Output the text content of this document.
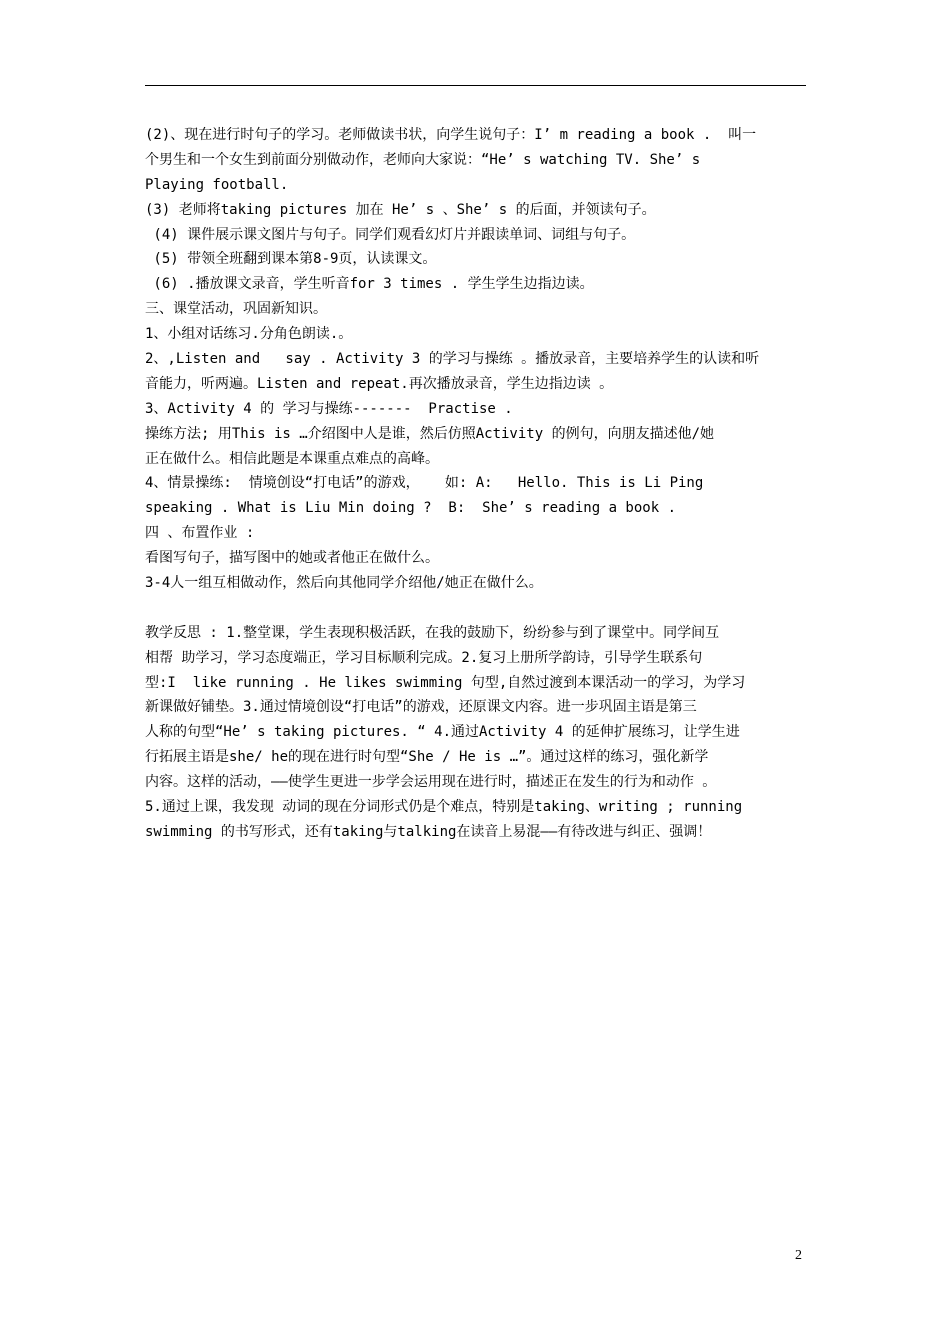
(2)、现在进行时句子的学习。老师做读书状，向学生说句子：I’ m reading a book .  叫一
个男生和一个女生到前面分别做动作，老师向大家说：“He’ s watching TV. She’ s
Playing football.
(3) 老师将taking pictures 加在 He’ s 、She’ s 的后面，并领读句子。
(4) 课件展示课文图片与句子。同学们观看幻灯片并跟读单词、词组与句子。
(5) 带领全班翻到课本第8-9页，认读课文。
(6) .播放课文录音，学生听音for 3 times . 学生学生边指边读。
三、课堂活动，巩固新知识。
1、小组对话练习.分角色朗读.。
2、,Listen and   say . Activity 3 的学习与操练 。播放录音，主要培养学生的认读和听
音能力，听两遍。Listen and repeat.再次播放录音，学生边指边读 。
3、Activity 4 的 学习与操练-------  Practise .
操练方法; 用This is …介绍图中人是谁，然后仿照Activity 的例句，向朋友描述他/她
正在做什么。相信此题是本课重点难点的高峰。
4、情景操练:  情境创设“打电话”的游戏，   如: A:   Hello. This is Li Ping
speaking . What is Liu Min doing ?  B:  She’ s reading a book .
四 、布置作业 :
看图写句子，描写图中的她或者他正在做什么。
3-4人一组互相做动作，然后向其他同学介绍他/她正在做什么。
教学反思 : 1.整堂课，学生表现积极活跃，在我的鼓励下，纷纷参与到了课堂中。同学间互
相帮 助学习，学习态度端正，学习目标顺利完成。2.复习上册所学韵诗，引导学生联系句
型:I  like running . He likes swimming 句型,自然过渡到本课活动一的学习，为学习
新课做好铺垫。3.通过情境创设“打电话”的游戏，还原课文内容。进一步巩固主语是第三
人称的句型“He’ s taking pictures. “ 4.通过Activity 4 的延伸扩展练习，让学生进
行拓展主语是she/ he的现在进行时句型“She / He is …”。通过这样的练习，强化新学
内容。这样的活动，——使学生更进一步学会运用现在进行时，描述正在发生的行为和动作 。
5.通过上课，我发现 动词的现在分词形式仍是个难点，特别是taking、writing ; running
swimming 的书写形式，还有taking与talking在读音上易混——有待改进与纠正、强调！
2
